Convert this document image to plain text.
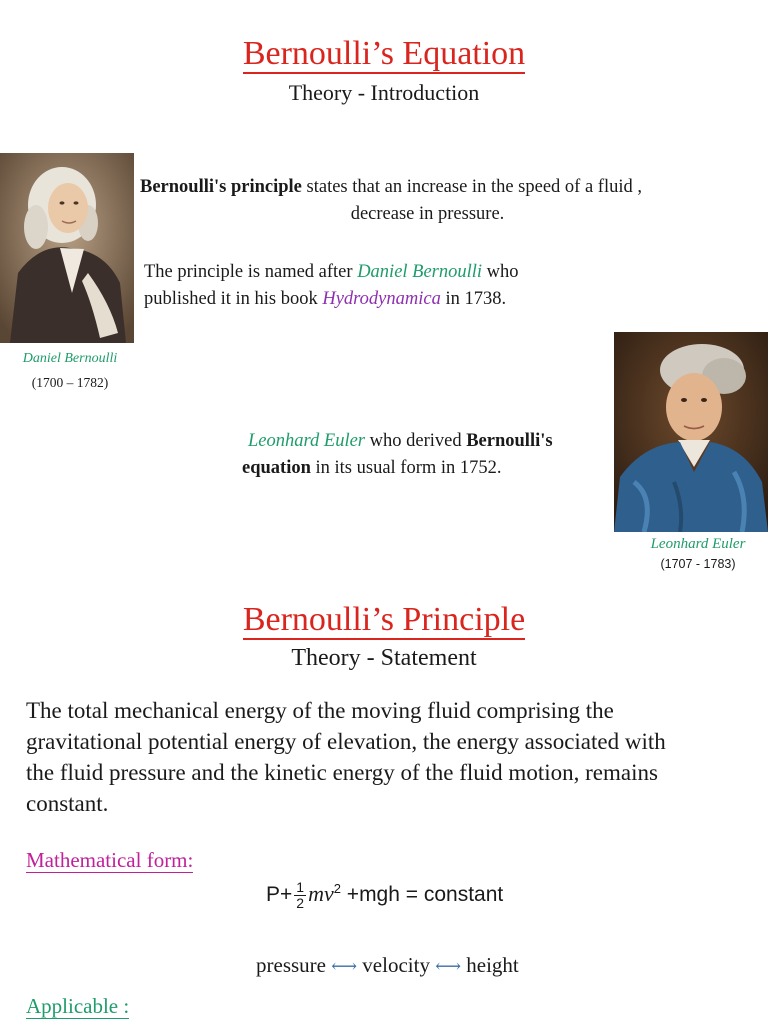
Bernoulli’s Equation
Theory - Introduction
Daniel Bernoulli
(1700 – 1782)
Bernoulli's principle states that an increase in the speed of a fluid ,
decrease in pressure.
The principle is named after Daniel Bernoulli who
published it in his book Hydrodynamica in 1738.
Leonhard Euler who derived Bernoulli's
equation in its usual form in 1752.
Leonhard Euler
(1707 - 1783)
Bernoulli’s Principle
Theory - Statement
The total mechanical energy of the moving fluid comprising the
gravitational potential energy of elevation, the energy associated with
the fluid pressure and the kinetic energy of the fluid motion, remains
constant.
Mathematical form:
$P+ \frac{1}{2} mv^2 +mgh$ = constant
pressure ⟷ velocity ⟷ height
Applicable :
